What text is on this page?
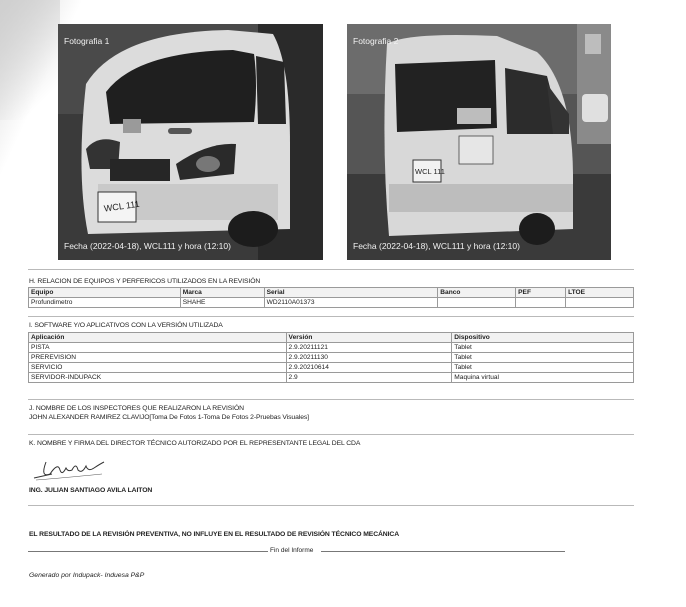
WCL 111
Fotografia 1
Fecha (2022-04-18), WCL111 y hora (12:10)
WCL 111
Fotografia 2
Fecha (2022-04-18), WCL111 y hora (12:10)
H. RELACION DE EQUIPOS Y PERFERICOS UTILIZADOS EN LA REVISIÓN
Equipo	Marca	Serial	Banco	PEF	LTOE
Profundimetro	SHAHE	WD2110A01373			
I. SOFTWARE Y/O APLICATIVOS CON LA VERSIÓN UTILIZADA
Aplicación	Versión	Dispositivo
PISTA	2.9.20211121	Tablet
PREREVISION	2.9.20211130	Tablet
SERVICIO	2.9.20210614	Tablet
SERVIDOR-INDUPACK	2.9	Maquina virtual
J. NOMBRE DE LOS INSPECTORES QUE REALIZARON LA REVISIÓN
JOHN ALEXANDER RAMIREZ CLAVIJO[Toma De Fotos 1-Toma De Fotos 2-Pruebas Visuales]
K. NOMBRE Y FIRMA DEL DIRECTOR TÉCNICO AUTORIZADO POR EL REPRESENTANTE LEGAL DEL CDA
ING. JULIAN SANTIAGO AVILA LAITON
EL RESULTADO DE LA REVISIÓN PREVENTIVA, NO INFLUYE EN EL RESULTADO DE REVISIÓN TÉCNICO MECÁNICA
Fin del Informe
Generado por Indupack- Induesa P&P
